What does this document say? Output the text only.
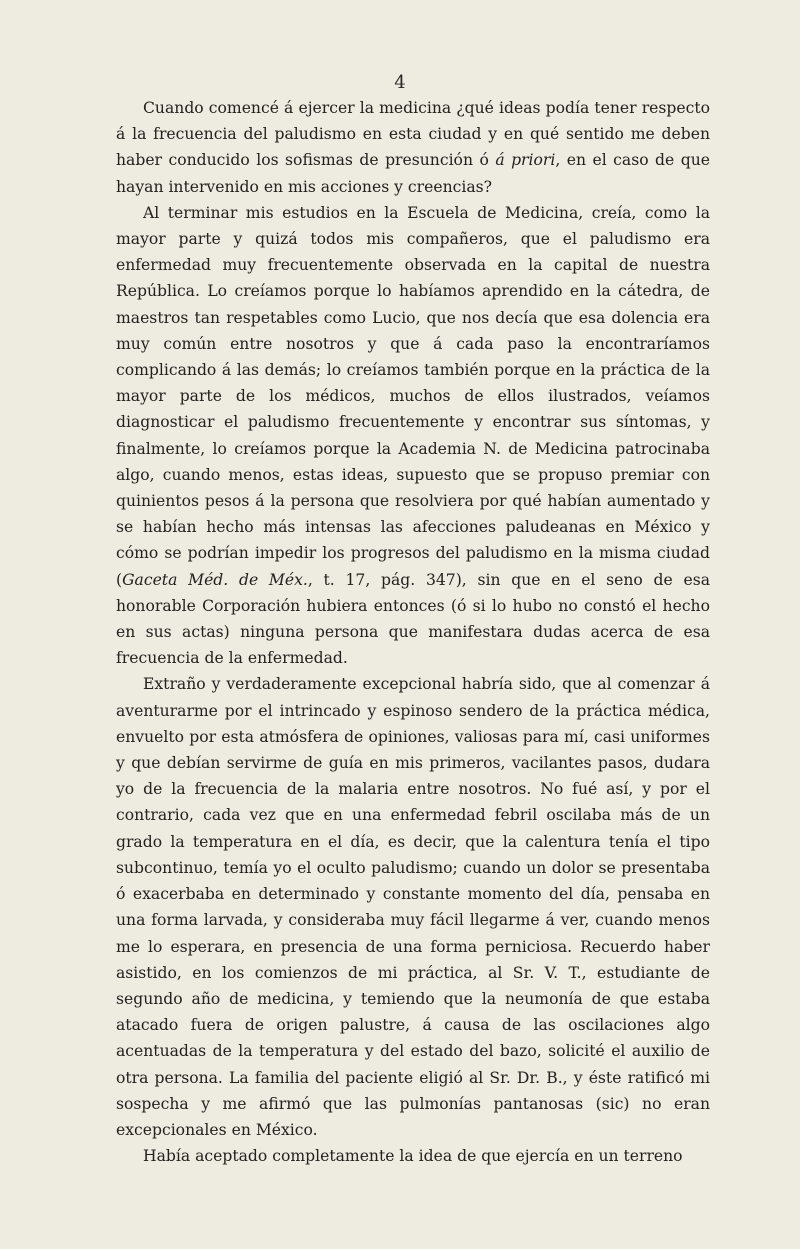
4

Cuando comencé á ejercer la medicina ¿qué ideas podía tener respecto á la frecuencia del paludismo en esta ciudad y en qué sentido me deben haber conducido los sofismas de presunción ó á priori, en el caso de que hayan intervenido en mis acciones y creencias?

Al terminar mis estudios en la Escuela de Medicina, creía, como la mayor parte y quizá todos mis compañeros, que el paludismo era enfermedad muy frecuentemente observada en la capital de nuestra República. Lo creíamos porque lo habíamos aprendido en la cátedra, de maestros tan respetables como Lucio, que nos decía que esa dolencia era muy común entre nosotros y que á cada paso la encontraríamos complicando á las demás; lo creíamos también porque en la práctica de la mayor parte de los médicos, muchos de ellos ilustrados, veíamos diagnosticar el paludismo frecuentemente y encontrar sus síntomas, y finalmente, lo creíamos porque la Academia N. de Medicina patrocinaba algo, cuando menos, estas ideas, supuesto que se propuso premiar con quinientos pesos á la persona que resolviera por qué habían aumentado y se habían hecho más intensas las afecciones paludeanas en México y cómo se podrían impedir los progresos del paludismo en la misma ciudad (Gaceta Méd. de Méx., t. 17, pág. 347), sin que en el seno de esa honorable Corporación hubiera entonces (ó si lo hubo no constó el hecho en sus actas) ninguna persona que manifestara dudas acerca de esa frecuencia de la enfermedad.

Extraño y verdaderamente excepcional habría sido, que al comenzar á aventurarme por el intrincado y espinoso sendero de la práctica médica, envuelto por esta atmósfera de opiniones, valiosas para mí, casi uniformes y que debían servirme de guía en mis primeros, vacilantes pasos, dudara yo de la frecuencia de la malaria entre nosotros. No fué así, y por el contrario, cada vez que en una enfermedad febril oscilaba más de un grado la temperatura en el día, es decir, que la calentura tenía el tipo subcontinuo, temía yo el oculto paludismo; cuando un dolor se presentaba ó exacerbaba en determinado y constante momento del día, pensaba en una forma larvada, y consideraba muy fácil llegarme á ver, cuando menos me lo esperara, en presencia de una forma perniciosa. Recuerdo haber asistido, en los comienzos de mi práctica, al Sr. V. T., estudiante de segundo año de medicina, y temiendo que la neumonía de que estaba atacado fuera de origen palustre, á causa de las oscilaciones algo acentuadas de la temperatura y del estado del bazo, solicité el auxilio de otra persona. La familia del paciente eligió al Sr. Dr. B., y éste ratificó mi sospecha y me afirmó que las pulmonías pantanosas (sic) no eran excepcionales en México.

Había aceptado completamente la idea de que ejercía en un terreno
